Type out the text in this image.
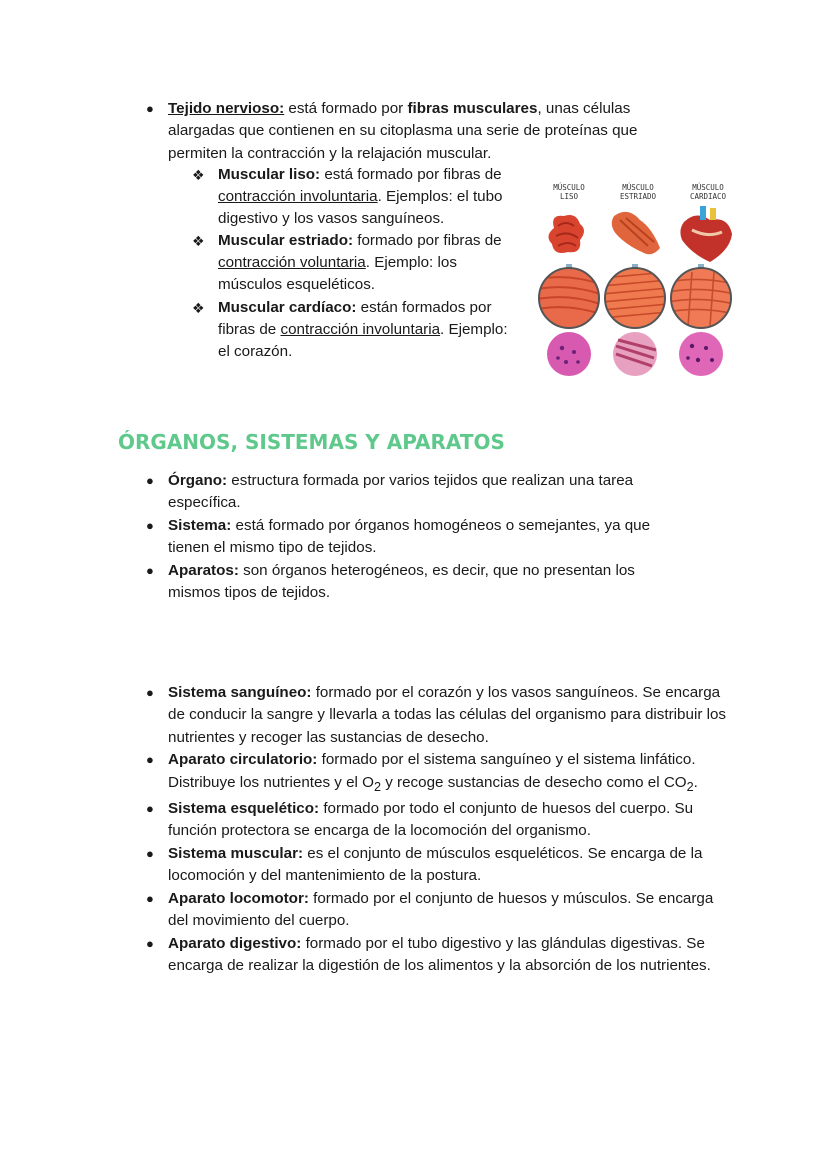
● Tejido nervioso: está formado por fibras musculares, unas células alargadas que contienen en su citoplasma una serie de proteínas que permiten la contracción y la relajación muscular.
❖ Muscular liso: está formado por fibras de contracción involuntaria. Ejemplos: el tubo digestivo y los vasos sanguíneos.
❖ Muscular estriado: formado por fibras de contracción voluntaria. Ejemplo: los músculos esqueléticos.
❖ Muscular cardíaco: están formados por fibras de contracción involuntaria. Ejemplo: el corazón.
MÚSCULO
LISO
MÚSCULO
ESTRIADO
MÚSCULO
CARDIACO
ÓRGANOS, SISTEMAS Y APARATOS
● Órgano: estructura formada por varios tejidos que realizan una tarea específica.
● Sistema: está formado por órganos homogéneos o semejantes, ya que tienen el mismo tipo de tejidos.
● Aparatos: son órganos heterogéneos, es decir, que no presentan los mismos tipos de tejidos.
● Sistema sanguíneo: formado por el corazón y los vasos sanguíneos. Se encarga de conducir la sangre y llevarla a todas las células del organismo para distribuir los nutrientes y recoger las sustancias de desecho.
● Aparato circulatorio: formado por el sistema sanguíneo y el sistema linfático. Distribuye los nutrientes y el $O_2$ y recoge sustancias de desecho como el $CO_2$.
● Sistema esquelético: formado por todo el conjunto de huesos del cuerpo. Su función protectora se encarga de la locomoción del organismo.
● Sistema muscular: es el conjunto de músculos esqueléticos. Se encarga de la locomoción y del mantenimiento de la postura.
● Aparato locomotor: formado por el conjunto de huesos y músculos. Se encarga del movimiento del cuerpo.
● Aparato digestivo: formado por el tubo digestivo y las glándulas digestivas. Se encarga de realizar la digestión de los alimentos y la absorción de los nutrientes.
